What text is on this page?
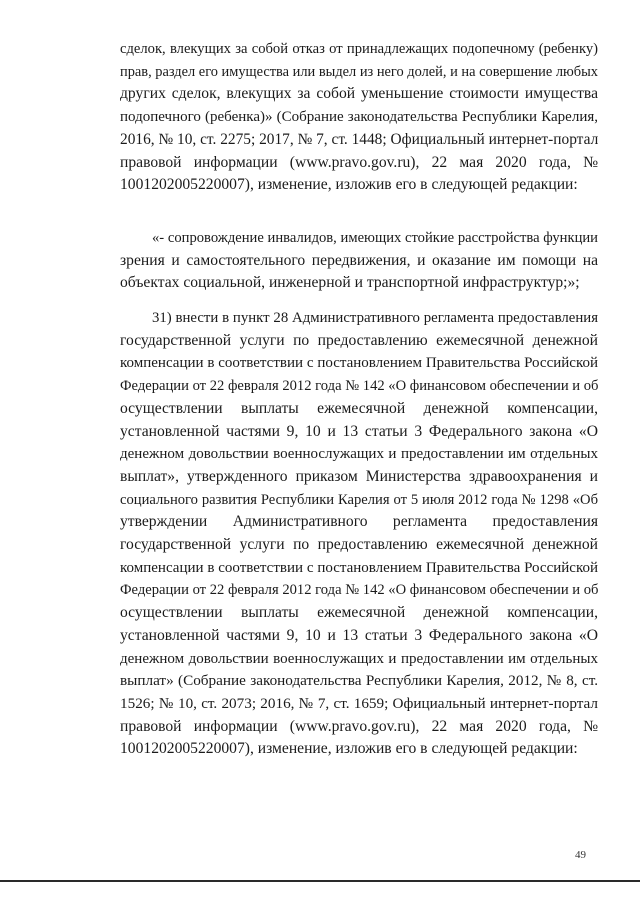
сделок, влекущих за собой отказ от принадлежащих подопечному (ребенку)
прав, раздел его имущества или выдел из него долей, и на совершение любых
других сделок, влекущих за собой уменьшение стоимости имущества
подопечного (ребенка)» (Собрание законодательства Республики Карелия,
2016, № 10, ст. 2275; 2017, № 7, ст. 1448; Официальный интернет-портал
правовой информации (www.pravo.gov.ru), 22 мая 2020 года, №
1001202005220007), изменение, изложив его в следующей редакции:
«- сопровождение инвалидов, имеющих стойкие расстройства функции
зрения и самостоятельного передвижения, и оказание им помощи на
объектах социальной, инженерной и транспортной инфраструктур;»;
31) внести в пункт 28 Административного регламента предоставления
государственной услуги по предоставлению ежемесячной денежной
компенсации в соответствии с постановлением Правительства Российской
Федерации от 22 февраля 2012 года № 142 «О финансовом обеспечении и об
осуществлении выплаты ежемесячной денежной компенсации,
установленной частями 9, 10 и 13 статьи 3 Федерального закона «О
денежном довольствии военнослужащих и предоставлении им отдельных
выплат», утвержденного приказом Министерства здравоохранения и
социального развития Республики Карелия от 5 июля 2012 года № 1298 «Об
утверждении Административного регламента предоставления
государственной услуги по предоставлению ежемесячной денежной
компенсации в соответствии с постановлением Правительства Российской
Федерации от 22 февраля 2012 года № 142 «О финансовом обеспечении и об
осуществлении выплаты ежемесячной денежной компенсации,
установленной частями 9, 10 и 13 статьи 3 Федерального закона «О
денежном довольствии военнослужащих и предоставлении им отдельных
выплат» (Собрание законодательства Республики Карелия, 2012, № 8, ст.
1526; № 10, ст. 2073; 2016, № 7, ст. 1659; Официальный интернет-портал
правовой информации (www.pravo.gov.ru), 22 мая 2020 года, №
1001202005220007), изменение, изложив его в следующей редакции:
49
